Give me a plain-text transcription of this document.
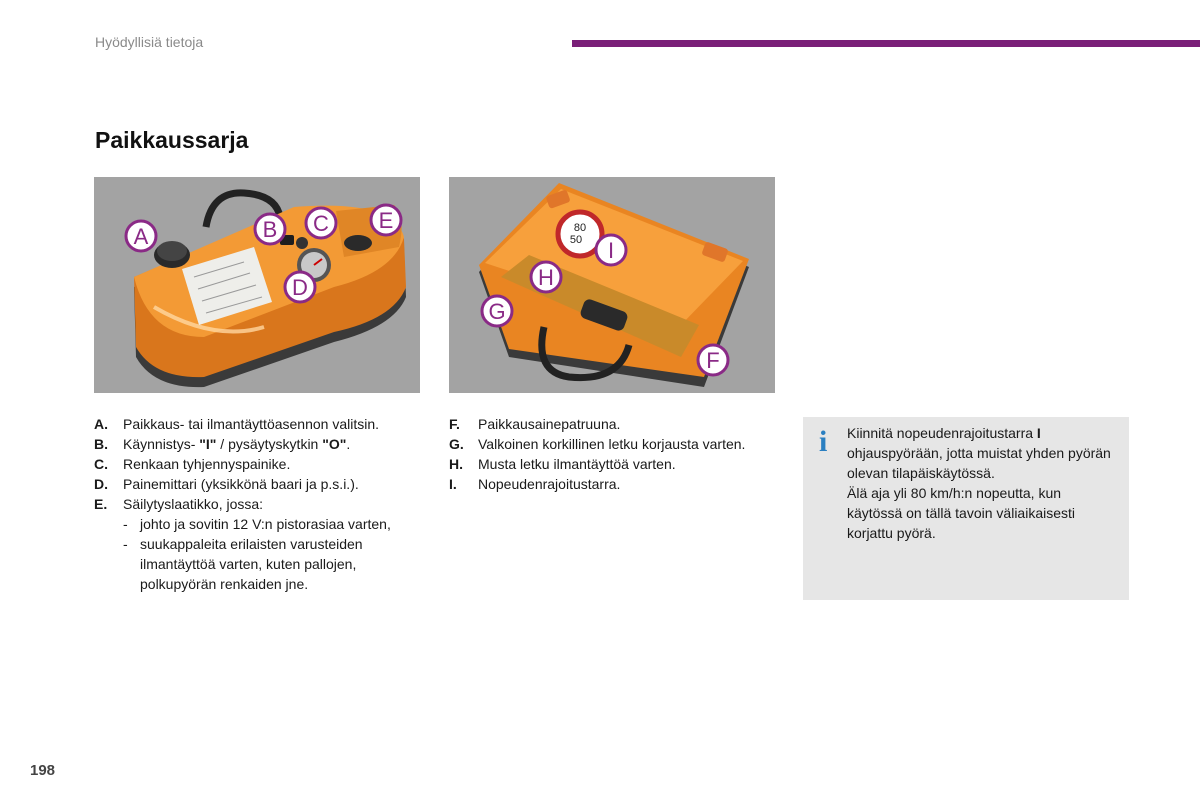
Hyödyllisiä tietoja
Paikkaussarja
A	B C E
D
80
50 I
H
G
F
A. Paikkaus- tai ilmantäyttöasennon valitsin.
B. Käynnistys- "I" / pysäytyskytkin "O".
C. Renkaan tyhjennyspainike.
D. Painemittari (yksikkönä baari ja p.s.i.).
E. Säilytyslaatikko, jossa:
- johto ja sovitin 12 V:n pistorasiaa varten,
- suukappaleita erilaisten varusteiden ilmantäyttöä varten, kuten pallojen, polkupyörän renkaiden jne.
F. Paikkausainepatruuna.
G. Valkoinen korkillinen letku korjausta varten.
H. Musta letku ilmantäyttöä varten.
I. Nopeudenrajoitustarra.
i Kiinnitä nopeudenrajoitustarra I ohjauspyörään, jotta muistat yhden pyörän olevan tilapäiskäytössä.
Älä aja yli 80 km/h:n nopeutta, kun käytössä on tällä tavoin väliaikaisesti korjattu pyörä.
198
